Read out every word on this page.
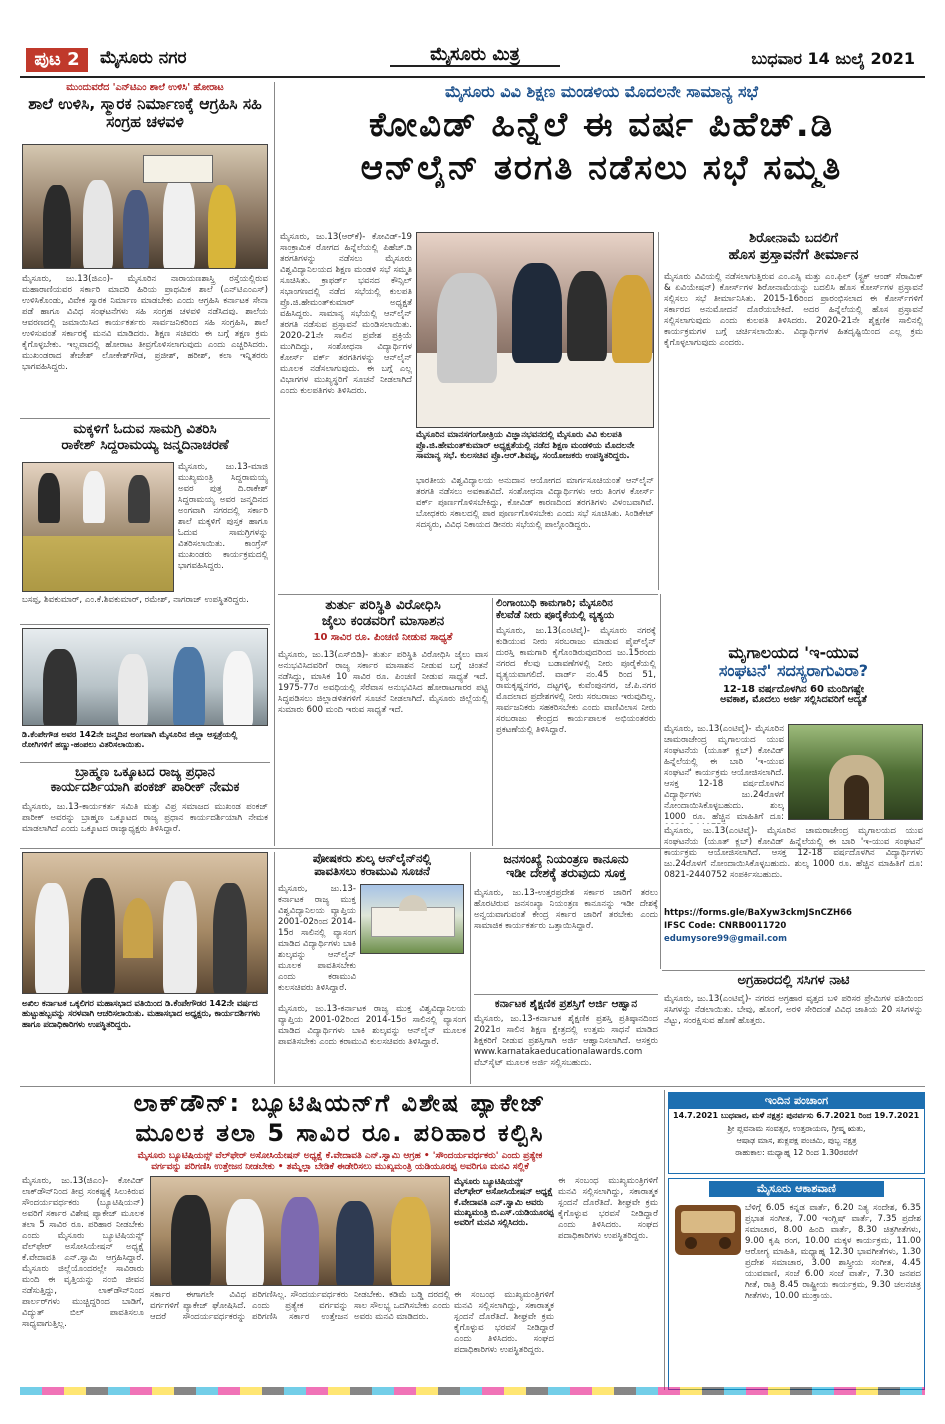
ಪುಟ 2	ಮೈಸೂರು ನಗರ	ಮೈಸೂರು ಮಿತ್ರ	ಬುಧವಾರ 14 ಜುಲೈ 2021
ಮುಂದುವರೆದ 'ಎನ್‌ಟಿಎಂ ಶಾಲೆ ಉಳಿಸಿ' ಹೋರಾಟ
ಶಾಲೆ ಉಳಿಸಿ, ಸ್ಮಾರಕ ನಿರ್ಮಾಣಕ್ಕೆ ಆಗ್ರಹಿಸಿ ಸಹಿ ಸಂಗ್ರಹ ಚಳವಳಿ
ಮೈಸೂರು, ಜು.13(ಜಿಎಂ)- ಮೈಸೂರಿನ ನಾರಾಯಣಶಾಸ್ತ್ರಿ ರಸ್ತೆಯಲ್ಲಿರುವ ಮಹಾರಾಣಿಯವರ ಸರ್ಕಾರಿ ಮಾದರಿ ಹಿರಿಯ ಪ್ರಾಥಮಿಕ ಶಾಲೆ (ಎನ್‌ಟಿಎಂಎಸ್) ಉಳಿಸಿಕೊಂಡು, ವಿವೇಕ ಸ್ಮಾರಕ ನಿರ್ಮಾಣ ಮಾಡಬೇಕು ಎಂದು ಆಗ್ರಹಿಸಿ ಕರ್ನಾಟಕ ಸೇನಾ ಪಡೆ ಹಾಗೂ ವಿವಿಧ ಸಂಘಟನೆಗಳು ಸಹಿ ಸಂಗ್ರಹ ಚಳವಳಿ ನಡೆಸಿದವು. ಶಾಲೆಯ ಆವರಣದಲ್ಲಿ ಜಮಾಯಿಸಿದ ಕಾರ್ಯಕರ್ತರು ಸಾರ್ವಜನಿಕರಿಂದ ಸಹಿ ಸಂಗ್ರಹಿಸಿ, ಶಾಲೆ ಉಳಿಸುವಂತೆ ಸರ್ಕಾರಕ್ಕೆ ಮನವಿ ಮಾಡಿದರು. ಶಿಕ್ಷಣ ಸಚಿವರು ಈ ಬಗ್ಗೆ ತಕ್ಷಣ ಕ್ರಮ ಕೈಗೊಳ್ಳಬೇಕು. ಇಲ್ಲವಾದಲ್ಲಿ ಹೋರಾಟ ತೀವ್ರಗೊಳಿಸಲಾಗುವುದು ಎಂದು ಎಚ್ಚರಿಸಿದರು. ಮುಖಂಡರಾದ ತೇಜೇಶ್ ಲೋಕೇಶ್‌ಗೌಡ, ಪ್ರಜೀಶ್, ಹರೀಶ್, ಕಲಾ ಇನ್ನಿತರರು ಭಾಗವಹಿಸಿದ್ದರು.
ಮಕ್ಕಳಿಗೆ ಓದುವ ಸಾಮಗ್ರಿ ವಿತರಿಸಿ
ರಾಕೇಶ್ ಸಿದ್ದರಾಮಯ್ಯ ಜನ್ಮದಿನಾಚರಣೆ
ಮೈಸೂರು, ಜು.13-ಮಾಜಿ ಮುಖ್ಯಮಂತ್ರಿ ಸಿದ್ದರಾಮಯ್ಯ ಅವರ ಪುತ್ರ ದಿ.ರಾಕೇಶ್ ಸಿದ್ದರಾಮಯ್ಯ ಅವರ ಜನ್ಮದಿನದ ಅಂಗವಾಗಿ ನಗರದಲ್ಲಿ ಸರ್ಕಾರಿ ಶಾಲೆ ಮಕ್ಕಳಿಗೆ ಪುಸ್ತಕ ಹಾಗೂ ಓದುವ ಸಾಮಗ್ರಿಗಳನ್ನು ವಿತರಿಸಲಾಯಿತು. ಕಾಂಗ್ರೆಸ್ ಮುಖಂಡರು ಕಾರ್ಯಕ್ರಮದಲ್ಲಿ ಭಾಗವಹಿಸಿದ್ದರು.
ಬಸಪ್ಪ, ಶಿವಕುಮಾರ್, ಎಂ.ಕೆ.ಶಿವಕುಮಾರ್, ರಮೇಶ್, ನಾಗರಾಜ್ ಉಪಸ್ಥಿತರಿದ್ದರು.
ಡಿ.ಕೆಂಪೇಗೌಡ ಅವರ 142ನೇ ಜನ್ಮದಿನ ಅಂಗವಾಗಿ ಮೈಸೂರಿನ ಜಿಲ್ಲಾ ಆಸ್ಪತ್ರೆಯಲ್ಲಿ ರೋಗಿಗಳಿಗೆ ಹಣ್ಣು-ಹಂಪಲು ವಿತರಿಸಲಾಯಿತು.
ಬ್ರಾಹ್ಮಣ ಒಕ್ಕೂಟದ ರಾಜ್ಯ ಪ್ರಧಾನ
ಕಾರ್ಯದರ್ಶಿಯಾಗಿ ಪಂಕಜ್ ಪಾರೀಕ್ ನೇಮಕ
ಮೈಸೂರು, ಜು.13-ಕಾರ್ಯಕರ್ತ ಸಮಿತಿ ಮತ್ತು ವಿಪ್ರ ಸಮಾಜದ ಮುಖಂಡ ಪಂಕಜ್ ಪಾರೀಕ್ ಅವರನ್ನು ಬ್ರಾಹ್ಮಣ ಒಕ್ಕೂಟದ ರಾಜ್ಯ ಪ್ರಧಾನ ಕಾರ್ಯದರ್ಶಿಯಾಗಿ ನೇಮಕ ಮಾಡಲಾಗಿದೆ ಎಂದು ಒಕ್ಕೂಟದ ರಾಜ್ಯಾಧ್ಯಕ್ಷರು ತಿಳಿಸಿದ್ದಾರೆ.
ಮೈಸೂರು ವಿವಿ ಶಿಕ್ಷಣ ಮಂಡಳಿಯ ಮೊದಲನೇ ಸಾಮಾನ್ಯ ಸಭೆ
ಕೋವಿಡ್ ಹಿನ್ನೆಲೆ ಈ ವರ್ಷ ಪಿಹೆಚ್.ಡಿ
ಆನ್‌ಲೈನ್ ತರಗತಿ ನಡೆಸಲು ಸಭೆ ಸಮ್ಮತಿ
ಮೈಸೂರು, ಜು.13(ಆರ್‌ಕೆ)- ಕೋವಿಡ್-19 ಸಾಂಕ್ರಾಮಿಕ ರೋಗದ ಹಿನ್ನೆಲೆಯಲ್ಲಿ ಪಿಹೆಚ್.ಡಿ ತರಗತಿಗಳನ್ನು ನಡೆಸಲು ಮೈಸೂರು ವಿಶ್ವವಿದ್ಯಾನಿಲಯದ ಶಿಕ್ಷಣ ಮಂಡಳಿ ಸಭೆ ಸಮ್ಮತಿ ಸೂಚಿಸಿತು. ಕ್ರಾಫರ್ಡ್ ಭವನದ ಕೌನ್ಸಿಲ್ ಸಭಾಂಗಣದಲ್ಲಿ ನಡೆದ ಸಭೆಯಲ್ಲಿ ಕುಲಪತಿ ಪ್ರೊ.ಜಿ.ಹೇಮಂತ್‌ಕುಮಾರ್ ಅಧ್ಯಕ್ಷತೆ ವಹಿಸಿದ್ದರು. ಸಾಮಾನ್ಯ ಸಭೆಯಲ್ಲಿ ಆನ್‌ಲೈನ್ ತರಗತಿ ನಡೆಸುವ ಪ್ರಸ್ತಾವನೆ ಮಂಡಿಸಲಾಯಿತು. 2020-21ನೇ ಸಾಲಿನ ಪ್ರವೇಶ ಪ್ರಕ್ರಿಯೆ ಮುಗಿದಿದ್ದು, ಸಂಶೋಧನಾ ವಿದ್ಯಾರ್ಥಿಗಳ ಕೋರ್ಸ್ ವರ್ಕ್ ತರಗತಿಗಳನ್ನು ಆನ್‌ಲೈನ್ ಮೂಲಕ ನಡೆಸಲಾಗುವುದು. ಈ ಬಗ್ಗೆ ಎಲ್ಲ ವಿಭಾಗಗಳ ಮುಖ್ಯಸ್ಥರಿಗೆ ಸೂಚನೆ ನೀಡಲಾಗಿದೆ ಎಂದು ಕುಲಪತಿಗಳು ತಿಳಿಸಿದರು.
ಮೈಸೂರಿನ ಮಾನಸಗಂಗೋತ್ರಿಯ ವಿಜ್ಞಾನಭವನದಲ್ಲಿ ಮೈಸೂರು ವಿವಿ ಕುಲಪತಿ ಪ್ರೊ.ಜಿ.ಹೇಮಂತ್‌ಕುಮಾರ್ ಅಧ್ಯಕ್ಷತೆಯಲ್ಲಿ ನಡೆದ ಶಿಕ್ಷಣ ಮಂಡಳಿಯ ಮೊದಲನೇ ಸಾಮಾನ್ಯ ಸಭೆ. ಕುಲಸಚಿವ ಪ್ರೊ.ಆರ್.ಶಿವಪ್ಪ, ಸಂಯೋಜಕರು ಉಪಸ್ಥಿತರಿದ್ದರು.
ಭಾರತೀಯ ವಿಶ್ವವಿದ್ಯಾಲಯ ಅನುದಾನ ಆಯೋಗದ ಮಾರ್ಗಸೂಚಿಯಂತೆ ಆನ್‌ಲೈನ್ ತರಗತಿ ನಡೆಸಲು ಅವಕಾಶವಿದೆ. ಸಂಶೋಧನಾ ವಿದ್ಯಾರ್ಥಿಗಳು ಆರು ತಿಂಗಳ ಕೋರ್ಸ್ ವರ್ಕ್ ಪೂರ್ಣಗೊಳಿಸಬೇಕಿದ್ದು, ಕೋವಿಡ್ ಕಾರಣದಿಂದ ತರಗತಿಗಳು ವಿಳಂಬವಾಗಿವೆ. ಬೋಧಕರು ಸಕಾಲದಲ್ಲಿ ಪಾಠ ಪೂರ್ಣಗೊಳಿಸಬೇಕು ಎಂದು ಸಭೆ ಸೂಚಿಸಿತು. ಸಿಂಡಿಕೇಟ್ ಸದಸ್ಯರು, ವಿವಿಧ ನಿಕಾಯದ ಡೀನರು ಸಭೆಯಲ್ಲಿ ಪಾಲ್ಗೊಂಡಿದ್ದರು.
ಶಿರೋನಾಮೆ ಬದಲಿಗೆ
ಹೊಸ ಪ್ರಸ್ತಾವನೆಗೆ ತೀರ್ಮಾನ
ಮೈಸೂರು ವಿವಿಯಲ್ಲಿ ನಡೆಸಲಾಗುತ್ತಿರುವ ಎಂ.ಎಸ್ಸಿ ಮತ್ತು ಎಂ.ಫಿಲ್ (ಸ್ಟ್ರಕ್ ಆಂಡ್ ಸೆರಾಮಿಕ್ & ಏವಿಯೇಷನ್) ಕೋರ್ಸ್‌ಗಳ ಶಿರೋನಾಮೆಯನ್ನು ಬದಲಿಸಿ ಹೊಸ ಕೋರ್ಸ್‌ಗಳ ಪ್ರಸ್ತಾವನೆ ಸಲ್ಲಿಸಲು ಸಭೆ ತೀರ್ಮಾನಿಸಿತು. 2015-16ರಿಂದ ಪ್ರಾರಂಭಿಸಲಾದ ಈ ಕೋರ್ಸ್‌ಗಳಿಗೆ ಸರ್ಕಾರದ ಅನುಮೋದನೆ ದೊರೆಯಬೇಕಿದೆ. ಅದರ ಹಿನ್ನೆಲೆಯಲ್ಲಿ ಹೊಸ ಪ್ರಸ್ತಾವನೆ ಸಲ್ಲಿಸಲಾಗುವುದು ಎಂದು ಕುಲಪತಿ ತಿಳಿಸಿದರು. 2020-21ನೇ ಶೈಕ್ಷಣಿಕ ಸಾಲಿನಲ್ಲಿ ಕಾರ್ಯಕ್ರಮಗಳ ಬಗ್ಗೆ ಚರ್ಚಿಸಲಾಯಿತು. ವಿದ್ಯಾರ್ಥಿಗಳ ಹಿತದೃಷ್ಟಿಯಿಂದ ಎಲ್ಲ ಕ್ರಮ ಕೈಗೊಳ್ಳಲಾಗುವುದು ಎಂದರು.
ತುರ್ತು ಪರಿಸ್ಥಿತಿ ವಿರೋಧಿಸಿ
ಜೈಲು ಕಂಡವರಿಗೆ ಮಾಸಾಶನ
10 ಸಾವಿರ ರೂ. ಪಿಂಚಣಿ ನೀಡುವ ಸಾಧ್ಯತೆ
ಮೈಸೂರು, ಜು.13(ಎಸ್‌ಬಿಡಿ)- ತುರ್ತು ಪರಿಸ್ಥಿತಿ ವಿರೋಧಿಸಿ ಜೈಲು ವಾಸ ಅನುಭವಿಸಿದವರಿಗೆ ರಾಜ್ಯ ಸರ್ಕಾರ ಮಾಸಾಶನ ನೀಡುವ ಬಗ್ಗೆ ಚಿಂತನೆ ನಡೆಸಿದ್ದು, ಮಾಸಿಕ 10 ಸಾವಿರ ರೂ. ಪಿಂಚಣಿ ನೀಡುವ ಸಾಧ್ಯತೆ ಇದೆ. 1975-77ರ ಅವಧಿಯಲ್ಲಿ ಸೆರೆವಾಸ ಅನುಭವಿಸಿದ ಹೋರಾಟಗಾರರ ಪಟ್ಟಿ ಸಿದ್ಧಪಡಿಸಲು ಜಿಲ್ಲಾಡಳಿತಗಳಿಗೆ ಸೂಚನೆ ನೀಡಲಾಗಿದೆ. ಮೈಸೂರು ಜಿಲ್ಲೆಯಲ್ಲಿ ಸುಮಾರು 600 ಮಂದಿ ಇರುವ ಸಾಧ್ಯತೆ ಇದೆ.
ಲಿಂಗಾಂಬುಧಿ ಕಾಮಗಾರಿ; ಮೈಸೂರಿನ
ಕೆಲವೆಡೆ ನೀರು ಪೂರೈಕೆಯಲ್ಲಿ ವ್ಯತ್ಯಯ
ಮೈಸೂರು, ಜು.13(ಎಂಟಿವೈ)- ಮೈಸೂರು ನಗರಕ್ಕೆ ಕುಡಿಯುವ ನೀರು ಸರಬರಾಜು ಮಾಡುವ ಪೈಪ್‌ಲೈನ್ ದುರಸ್ತಿ ಕಾಮಗಾರಿ ಕೈಗೊಂಡಿರುವುದರಿಂದ ಜು.15ರಂದು ನಗರದ ಕೆಲವು ಬಡಾವಣೆಗಳಲ್ಲಿ ನೀರು ಪೂರೈಕೆಯಲ್ಲಿ ವ್ಯತ್ಯಯವಾಗಲಿದೆ. ವಾರ್ಡ್ ನಂ.45 ರಿಂದ 51, ರಾಮಕೃಷ್ಣನಗರ, ದಟ್ಟಗಳ್ಳಿ, ಕುವೆಂಪುನಗರ, ಜೆ.ಪಿ.ನಗರ ಮೊದಲಾದ ಪ್ರದೇಶಗಳಲ್ಲಿ ನೀರು ಸರಬರಾಜು ಇರುವುದಿಲ್ಲ. ಸಾರ್ವಜನಿಕರು ಸಹಕರಿಸಬೇಕು ಎಂದು ವಾಣಿವಿಲಾಸ ನೀರು ಸರಬರಾಜು ಕೇಂದ್ರದ ಕಾರ್ಯಪಾಲಕ ಅಭಿಯಂತರರು ಪ್ರಕಟಣೆಯಲ್ಲಿ ತಿಳಿಸಿದ್ದಾರೆ.
ಮೃಗಾಲಯದ 'ಇ-ಯುವ
ಸಂಘಟನೆ' ಸದಸ್ಯರಾಗುವಿರಾ?
12-18 ವರ್ಷದೊಳಗಿನ 60 ಮಂದಿಗಷ್ಟೇ
ಅವಕಾಶ, ಮೊದಲು ಅರ್ಜಿ ಸಲ್ಲಿಸಿದವರಿಗೆ ಆದ್ಯತೆ
ಮೈಸೂರು, ಜು.13(ಎಂಟಿವೈ)- ಮೈಸೂರಿನ ಚಾಮರಾಜೇಂದ್ರ ಮೃಗಾಲಯದ ಯುವ ಸಂಘಟನೆಯ (ಯೂತ್ ಕ್ಲಬ್) ಕೋವಿಡ್ ಹಿನ್ನೆಲೆಯಲ್ಲಿ ಈ ಬಾರಿ 'ಇ-ಯುವ ಸಂಘಟನೆ' ಕಾರ್ಯಕ್ರಮ ಆಯೋಜಿಸಲಾಗಿದೆ. ಆಸಕ್ತ 12-18 ವರ್ಷದೊಳಗಿನ ವಿದ್ಯಾರ್ಥಿಗಳು ಜು.24ರೊಳಗೆ ನೋಂದಾಯಿಸಿಕೊಳ್ಳಬಹುದು. ಶುಲ್ಕ 1000 ರೂ. ಹೆಚ್ಚಿನ ಮಾಹಿತಿಗೆ ದೂ:
ಮೈಸೂರು, ಜು.13(ಎಂಟಿವೈ)- ಮೈಸೂರಿನ ಚಾಮರಾಜೇಂದ್ರ ಮೃಗಾಲಯದ ಯುವ ಸಂಘಟನೆಯ (ಯೂತ್ ಕ್ಲಬ್) ಕೋವಿಡ್ ಹಿನ್ನೆಲೆಯಲ್ಲಿ ಈ ಬಾರಿ 'ಇ-ಯುವ ಸಂಘಟನೆ' ಕಾರ್ಯಕ್ರಮ ಆಯೋಜಿಸಲಾಗಿದೆ. ಆಸಕ್ತ 12-18 ವರ್ಷದೊಳಗಿನ ವಿದ್ಯಾರ್ಥಿಗಳು ಜು.24ರೊಳಗೆ ನೋಂದಾಯಿಸಿಕೊಳ್ಳಬಹುದು. ಶುಲ್ಕ 1000 ರೂ. ಹೆಚ್ಚಿನ ಮಾಹಿತಿಗೆ ದೂ: 0821-2440752 ಸಂಪರ್ಕಿಸಬಹುದು.
https://forms.gle/BaXyw3ckmJSnCZH66
IFSC Code: CNRB0011720
edumysore99@gmail.com
ಅಖಿಲ ಕರ್ನಾಟಕ ಒಕ್ಕಲಿಗರ ಮಹಾಸಭಾದ ವತಿಯಿಂದ ಡಿ.ಕೆಂಪೇಗೌಡರ 142ನೇ ವರ್ಷದ ಹುಟ್ಟುಹಬ್ಬವನ್ನು ಸರಳವಾಗಿ ಆಚರಿಸಲಾಯಿತು. ಮಹಾಸಭಾದ ಅಧ್ಯಕ್ಷರು, ಕಾರ್ಯದರ್ಶಿಗಳು ಹಾಗೂ ಪದಾಧಿಕಾರಿಗಳು ಉಪಸ್ಥಿತರಿದ್ದರು.
ಪೋಷಕರು ಶುಲ್ಕ ಆನ್‌ಲೈನ್‌ನಲ್ಲಿ
ಪಾವತಿಸಲು ಕರಾಮುವಿ ಸೂಚನೆ
ಮೈಸೂರು, ಜು.13-ಕರ್ನಾಟಕ ರಾಜ್ಯ ಮುಕ್ತ ವಿಶ್ವವಿದ್ಯಾನಿಲಯ ವ್ಯಾಪ್ತಿಯ 2001-02ರಿಂದ 2014-15ರ ಸಾಲಿನಲ್ಲಿ ವ್ಯಾಸಂಗ ಮಾಡಿದ ವಿದ್ಯಾರ್ಥಿಗಳು ಬಾಕಿ ಶುಲ್ಕವನ್ನು ಆನ್‌ಲೈನ್ ಮೂಲಕ ಪಾವತಿಸಬೇಕು ಎಂದು ಕರಾಮುವಿ ಕುಲಸಚಿವರು ತಿಳಿಸಿದ್ದಾರೆ.
ಮೈಸೂರು, ಜು.13-ಕರ್ನಾಟಕ ರಾಜ್ಯ ಮುಕ್ತ ವಿಶ್ವವಿದ್ಯಾನಿಲಯ ವ್ಯಾಪ್ತಿಯ 2001-02ರಿಂದ 2014-15ರ ಸಾಲಿನಲ್ಲಿ ವ್ಯಾಸಂಗ ಮಾಡಿದ ವಿದ್ಯಾರ್ಥಿಗಳು ಬಾಕಿ ಶುಲ್ಕವನ್ನು ಆನ್‌ಲೈನ್ ಮೂಲಕ ಪಾವತಿಸಬೇಕು ಎಂದು ಕರಾಮುವಿ ಕುಲಸಚಿವರು ತಿಳಿಸಿದ್ದಾರೆ.
ಜನಸಂಖ್ಯೆ ನಿಯಂತ್ರಣ ಕಾನೂನು
ಇಡೀ ದೇಶಕ್ಕೆ ತರುವುದು ಸೂಕ್ತ
ಮೈಸೂರು, ಜು.13-ಉತ್ತರಪ್ರದೇಶ ಸರ್ಕಾರ ಜಾರಿಗೆ ತರಲು ಹೊರಟಿರುವ ಜನಸಂಖ್ಯಾ ನಿಯಂತ್ರಣ ಕಾನೂನನ್ನು ಇಡೀ ದೇಶಕ್ಕೆ ಅನ್ವಯವಾಗುವಂತೆ ಕೇಂದ್ರ ಸರ್ಕಾರ ಜಾರಿಗೆ ತರಬೇಕು ಎಂದು ಸಾಮಾಜಿಕ ಕಾರ್ಯಕರ್ತರು ಒತ್ತಾಯಿಸಿದ್ದಾರೆ.
ಕರ್ನಾಟಕ ಶೈಕ್ಷಣಿಕ ಪ್ರಶಸ್ತಿಗೆ ಅರ್ಜಿ ಆಹ್ವಾನ
ಮೈಸೂರು, ಜು.13-ಕರ್ನಾಟಕ ಶೈಕ್ಷಣಿಕ ಪ್ರಶಸ್ತಿ ಪ್ರತಿಷ್ಠಾನದಿಂದ 2021ರ ಸಾಲಿನ ಶಿಕ್ಷಣ ಕ್ಷೇತ್ರದಲ್ಲಿ ಉತ್ತಮ ಸಾಧನೆ ಮಾಡಿದ ಶಿಕ್ಷಕರಿಗೆ ನೀಡುವ ಪ್ರಶಸ್ತಿಗಾಗಿ ಅರ್ಜಿ ಆಹ್ವಾನಿಸಲಾಗಿದೆ. ಆಸಕ್ತರು www.karnatakaeducationalawards.com ವೆಬ್‌ಸೈಟ್ ಮೂಲಕ ಅರ್ಜಿ ಸಲ್ಲಿಸಬಹುದು.
ಅಗ್ರಹಾರದಲ್ಲಿ ಸಸಿಗಳ ನಾಟಿ
ಮೈಸೂರು, ಜು.13(ಎಂಟಿವೈ)- ನಗರದ ಅಗ್ರಹಾರ ವೃತ್ತದ ಬಳಿ ಪರಿಸರ ಪ್ರೇಮಿಗಳ ವತಿಯಿಂದ ಸಸಿಗಳನ್ನು ನೆಡಲಾಯಿತು. ಬೇವು, ಹೊಂಗೆ, ಅರಳಿ ಸೇರಿದಂತೆ ವಿವಿಧ ಜಾತಿಯ 20 ಸಸಿಗಳನ್ನು ನೆಟ್ಟು, ಸಂರಕ್ಷಿಸುವ ಹೊಣೆ ಹೊತ್ತರು.
ಲಾಕ್‌ಡೌನ್: ಬ್ಯೂಟಿಷಿಯನ್‌ಗೆ ವಿಶೇಷ ಪ್ಯಾಕೇಜ್
ಮೂಲಕ ತಲಾ 5 ಸಾವಿರ ರೂ. ಪರಿಹಾರ ಕಲ್ಪಿಸಿ
ಮೈಸೂರು ಬ್ಯೂಟಿಷಿಯನ್ಸ್ ವೆಲ್‌ಫೇರ್ ಅಸೋಸಿಯೇಷನ್ ಅಧ್ಯಕ್ಷೆ ಕೆ.ವೇದಾವತಿ ಎನ್.ಸ್ವಾಮಿ ಆಗ್ರಹ • 'ಸೌಂದರ್ಯವರ್ಧಕರು' ಎಂದು ಪ್ರತ್ಯೇಕ
ವರ್ಗವನ್ನು ಪರಿಗಣಿಸಿ ಉತ್ತೇಜನ ನೀಡಬೇಕು • ತಮ್ಮೆಲ್ಲಾ ಬೇಡಿಕೆ ಈಡೇರಿಸಲು ಮುಖ್ಯಮಂತ್ರಿ ಯಡಿಯೂರಪ್ಪ ಅವರಿಗೂ ಮನವಿ ಸಲ್ಲಿಕೆ
ಮೈಸೂರು, ಜು.13(ಜಿಎಂ)- ಕೋವಿಡ್ ಲಾಕ್‌ಡೌನ್‌ನಿಂದ ತೀವ್ರ ಸಂಕಷ್ಟಕ್ಕೆ ಸಿಲುಕಿರುವ ಸೌಂದರ್ಯವರ್ಧಕರು (ಬ್ಯೂಟಿಷಿಯನ್) ಅವರಿಗೆ ಸರ್ಕಾರ ವಿಶೇಷ ಪ್ಯಾಕೇಜ್ ಮೂಲಕ ತಲಾ 5 ಸಾವಿರ ರೂ. ಪರಿಹಾರ ನೀಡಬೇಕು ಎಂದು ಮೈಸೂರು ಬ್ಯೂಟಿಷಿಯನ್ಸ್ ವೆಲ್‌ಫೇರ್ ಅಸೋಸಿಯೇಷನ್ ಅಧ್ಯಕ್ಷೆ ಕೆ.ವೇದಾವತಿ ಎನ್.ಸ್ವಾಮಿ ಆಗ್ರಹಿಸಿದ್ದಾರೆ. ಮೈಸೂರು ಜಿಲ್ಲೆಯೊಂದರಲ್ಲೇ ಸಾವಿರಾರು ಮಂದಿ ಈ ವೃತ್ತಿಯನ್ನು ನಂಬಿ ಜೀವನ ನಡೆಸುತ್ತಿದ್ದು, ಲಾಕ್‌ಡೌನ್‌ನಿಂದ ಪಾರ್ಲರ್‌ಗಳು ಮುಚ್ಚಿದ್ದರಿಂದ ಬಾಡಿಗೆ, ವಿದ್ಯುತ್ ಬಿಲ್ ಪಾವತಿಸಲೂ ಸಾಧ್ಯವಾಗುತ್ತಿಲ್ಲ.
ಮೈಸೂರು ಬ್ಯೂಟಿಷಿಯನ್ಸ್ ವೆಲ್‌ಫೇರ್ ಅಸೋಸಿಯೇಷನ್ ಅಧ್ಯಕ್ಷೆ ಕೆ.ವೇದಾವತಿ ಎನ್.ಸ್ವಾಮಿ ಅವರು ಮುಖ್ಯಮಂತ್ರಿ ಬಿ.ಎಸ್.ಯಡಿಯೂರಪ್ಪ ಅವರಿಗೆ ಮನವಿ ಸಲ್ಲಿಸಿದರು.
ಈ ಸಂಬಂಧ ಮುಖ್ಯಮಂತ್ರಿಗಳಿಗೆ ಮನವಿ ಸಲ್ಲಿಸಲಾಗಿದ್ದು, ಸಕಾರಾತ್ಮಕ ಸ್ಪಂದನೆ ದೊರೆತಿದೆ. ಶೀಘ್ರವೇ ಕ್ರಮ ಕೈಗೊಳ್ಳುವ ಭರವಸೆ ನೀಡಿದ್ದಾರೆ ಎಂದು ತಿಳಿಸಿದರು. ಸಂಘದ ಪದಾಧಿಕಾರಿಗಳು ಉಪಸ್ಥಿತರಿದ್ದರು.
ಸರ್ಕಾರ ಈಗಾಗಲೇ ವಿವಿಧ ವರ್ಗಗಳಿಗೆ ಪ್ಯಾಕೇಜ್ ಘೋಷಿಸಿದೆ. ಆದರೆ ಸೌಂದರ್ಯವರ್ಧಕರನ್ನು ಪರಿಗಣಿಸಿಲ್ಲ. ಸೌಂದರ್ಯವರ್ಧಕರು ಎಂದು ಪ್ರತ್ಯೇಕ ವರ್ಗವನ್ನು ಪರಿಗಣಿಸಿ ಸರ್ಕಾರ ಉತ್ತೇಜನ ನೀಡಬೇಕು. ಕಡಿಮೆ ಬಡ್ಡಿ ದರದಲ್ಲಿ ಸಾಲ ಸೌಲಭ್ಯ ಒದಗಿಸಬೇಕು ಎಂದು ಅವರು ಮನವಿ ಮಾಡಿದರು.
ಈ ಸಂಬಂಧ ಮುಖ್ಯಮಂತ್ರಿಗಳಿಗೆ ಮನವಿ ಸಲ್ಲಿಸಲಾಗಿದ್ದು, ಸಕಾರಾತ್ಮಕ ಸ್ಪಂದನೆ ದೊರೆತಿದೆ. ಶೀಘ್ರವೇ ಕ್ರಮ ಕೈಗೊಳ್ಳುವ ಭರವಸೆ ನೀಡಿದ್ದಾರೆ ಎಂದು ತಿಳಿಸಿದರು. ಸಂಘದ ಪದಾಧಿಕಾರಿಗಳು ಉಪಸ್ಥಿತರಿದ್ದರು.
ಇಂದಿನ ಪಂಚಾಂಗ
14.7.2021 ಬುಧವಾರ, ಮಳೆ ನಕ್ಷತ್ರ: ಪುನರ್ವಸು 6.7.2021 ರಿಂದ 19.7.2021
ಶ್ರೀ ಪ್ಲವನಾಮ ಸಂವತ್ಸರ, ಉತ್ತರಾಯಣ, ಗ್ರೀಷ್ಮ ಋತು,
ಆಷಾಢ ಮಾಸ, ಶುಕ್ಲಪಕ್ಷ ಪಂಚಮಿ, ಪುಬ್ಬ ನಕ್ಷತ್ರ
ರಾಹುಕಾಲ: ಮಧ್ಯಾಹ್ನ 12 ರಿಂದ 1.30ರವರೆಗೆ
ಮೈಸೂರು ಆಕಾಶವಾಣಿ
ಬೆಳಿಗ್ಗೆ 6.05 ಕನ್ನಡ ವಾರ್ತೆ, 6.20 ನಿತ್ಯ ಸಂದೇಶ, 6.35 ಪ್ರಭಾತ ಸಂಗೀತ, 7.00 ಇಂಗ್ಲಿಷ್ ವಾರ್ತೆ, 7.35 ಪ್ರದೇಶ ಸಮಾಚಾರ, 8.00 ಹಿಂದಿ ವಾರ್ತೆ, 8.30 ಚಿತ್ರಗೀತೆಗಳು, 9.00 ಕೃಷಿ ರಂಗ, 10.00 ಮಕ್ಕಳ ಕಾರ್ಯಕ್ರಮ, 11.00 ಆರೋಗ್ಯ ಮಾಹಿತಿ, ಮಧ್ಯಾಹ್ನ 12.30 ಭಾವಗೀತೆಗಳು, 1.30 ಪ್ರದೇಶ ಸಮಾಚಾರ, 3.00 ಶಾಸ್ತ್ರೀಯ ಸಂಗೀತ, 4.45 ಯುವವಾಣಿ, ಸಂಜೆ 6.00 ಸಂಜೆ ವಾರ್ತೆ, 7.30 ಜನಪದ ಗೀತೆ, ರಾತ್ರಿ 8.45 ರಾಷ್ಟ್ರೀಯ ಕಾರ್ಯಕ್ರಮ, 9.30 ಚಲನಚಿತ್ರ ಗೀತೆಗಳು, 10.00 ಮುಕ್ತಾಯ.
